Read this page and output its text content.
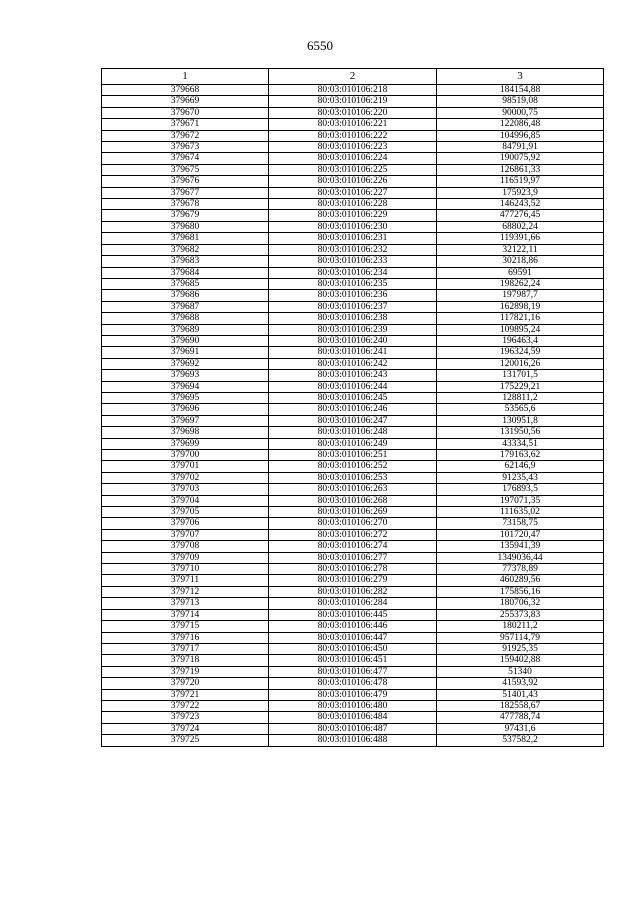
6550
1	2	3
379668	80:03:010106:218	184154,88
379669	80:03:010106:219	98519,08
379670	80:03:010106:220	90000,75
379671	80:03:010106:221	122086,48
379672	80:03:010106:222	104996,85
379673	80:03:010106:223	84791,91
379674	80:03:010106:224	190075,92
379675	80:03:010106:225	126861,33
379676	80:03:010106:226	116519,97
379677	80:03:010106:227	175923,9
379678	80:03:010106:228	146243,52
379679	80:03:010106:229	477276,45
379680	80:03:010106:230	68802,24
379681	80:03:010106:231	119391,66
379682	80:03:010106:232	32122,11
379683	80:03:010106:233	30218,86
379684	80:03:010106:234	69591
379685	80:03:010106:235	198262,24
379686	80:03:010106:236	197987,7
379687	80:03:010106:237	162898,19
379688	80:03:010106:238	117821,16
379689	80:03:010106:239	109895,24
379690	80:03:010106:240	196463,4
379691	80:03:010106:241	196324,59
379692	80:03:010106:242	120016,26
379693	80:03:010106:243	131701,5
379694	80:03:010106:244	175229,21
379695	80:03:010106:245	128811,2
379696	80:03:010106:246	53565,6
379697	80:03:010106:247	130951,8
379698	80:03:010106:248	131950,56
379699	80:03:010106:249	43334,51
379700	80:03:010106:251	179163,62
379701	80:03:010106:252	62146,9
379702	80:03:010106:253	91235,43
379703	80:03:010106:263	176893,5
379704	80:03:010106:268	197071,35
379705	80:03:010106:269	111635,02
379706	80:03:010106:270	73158,75
379707	80:03:010106:272	101720,47
379708	80:03:010106:274	135941,39
379709	80:03:010106:277	1349036,44
379710	80:03:010106:278	77378,89
379711	80:03:010106:279	460289,56
379712	80:03:010106:282	175856,16
379713	80:03:010106:284	180706,32
379714	80:03:010106:445	255373,83
379715	80:03:010106:446	180211,2
379716	80:03:010106:447	957114,79
379717	80:03:010106:450	91925,35
379718	80:03:010106:451	159402,88
379719	80:03:010106:477	51340
379720	80:03:010106:478	41593,92
379721	80:03:010106:479	51401,43
379722	80:03:010106:480	182558,67
379723	80:03:010106:484	477788,74
379724	80:03:010106:487	97431,6
379725	80:03:010106:488	537582,2
